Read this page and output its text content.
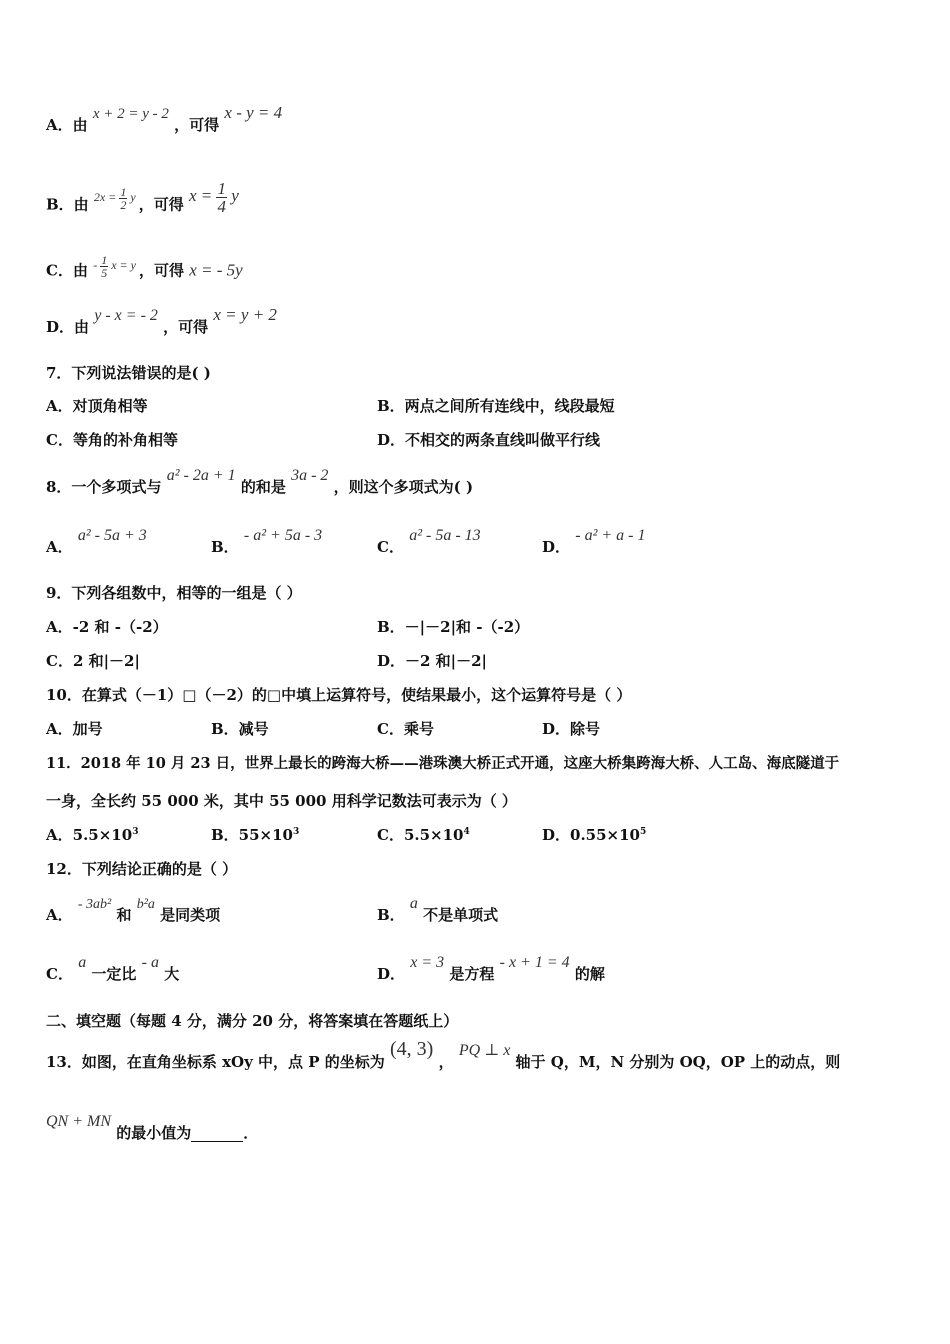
A．由 x + 2 = y - 2 ，可得 x - y = 4
B．由 $^{2x = \frac{1}{2} y}$ ，可得 $x = \frac{1}{4}$ y
C．由 $^{- \frac{1}{5} x = y}$ ，可得 x = - 5y
D．由 y - x = - 2 ，可得 x = y + 2
7．下列说法错误的是( )
A．对顶角相等	B．两点之间所有连线中，线段最短
C．等角的补角相等	D．不相交的两条直线叫做平行线
8．一个多项式与 a² - 2a + 1 的和是 3a - 2 ，则这个多项式为( )
A． a² - 5a + 3
B． - a² + 5a - 3
C． a² - 5a - 13
D． - a² + a - 1
9．下列各组数中，相等的一组是（ ）
A．-2 和 -（-2）	B．－|－2|和 -（-2）
C．2 和|－2|	D．－2 和|－2|
10．在算式（－1）□（－2）的□中填上运算符号，使结果最小，这个运算符号是（ ）
A．加号	B．减号	C．乘号	D．除号
11．2018 年 10 月 23 日，世界上最长的跨海大桥——港珠澳大桥正式开通，这座大桥集跨海大桥、人工岛、海底隧道于
一身，全长约 55 000 米，其中 55 000 用科学记数法可表示为（ ）
A．$5.5\times 10^3$	B．$55\times 10^3$	C．$5.5\times 10^4$	D．$0.55\times 10^5$
12．下列结论正确的是（ ）
A． - 3ab² 和 b²a 是同类项	B． a 不是单项式
C． a 一定比 - a 大	D． x = 3 是方程 - x + 1 = 4 的解
二、填空题（每题 4 分，满分 20 分，将答案填在答题纸上）
13．如图，在直角坐标系 xOy 中，点 P 的坐标为 (4, 3) ， PQ ⊥ x 轴于 Q，M，N 分别为 OQ，OP 上的动点，则
QN + MN 的最小值为	．
